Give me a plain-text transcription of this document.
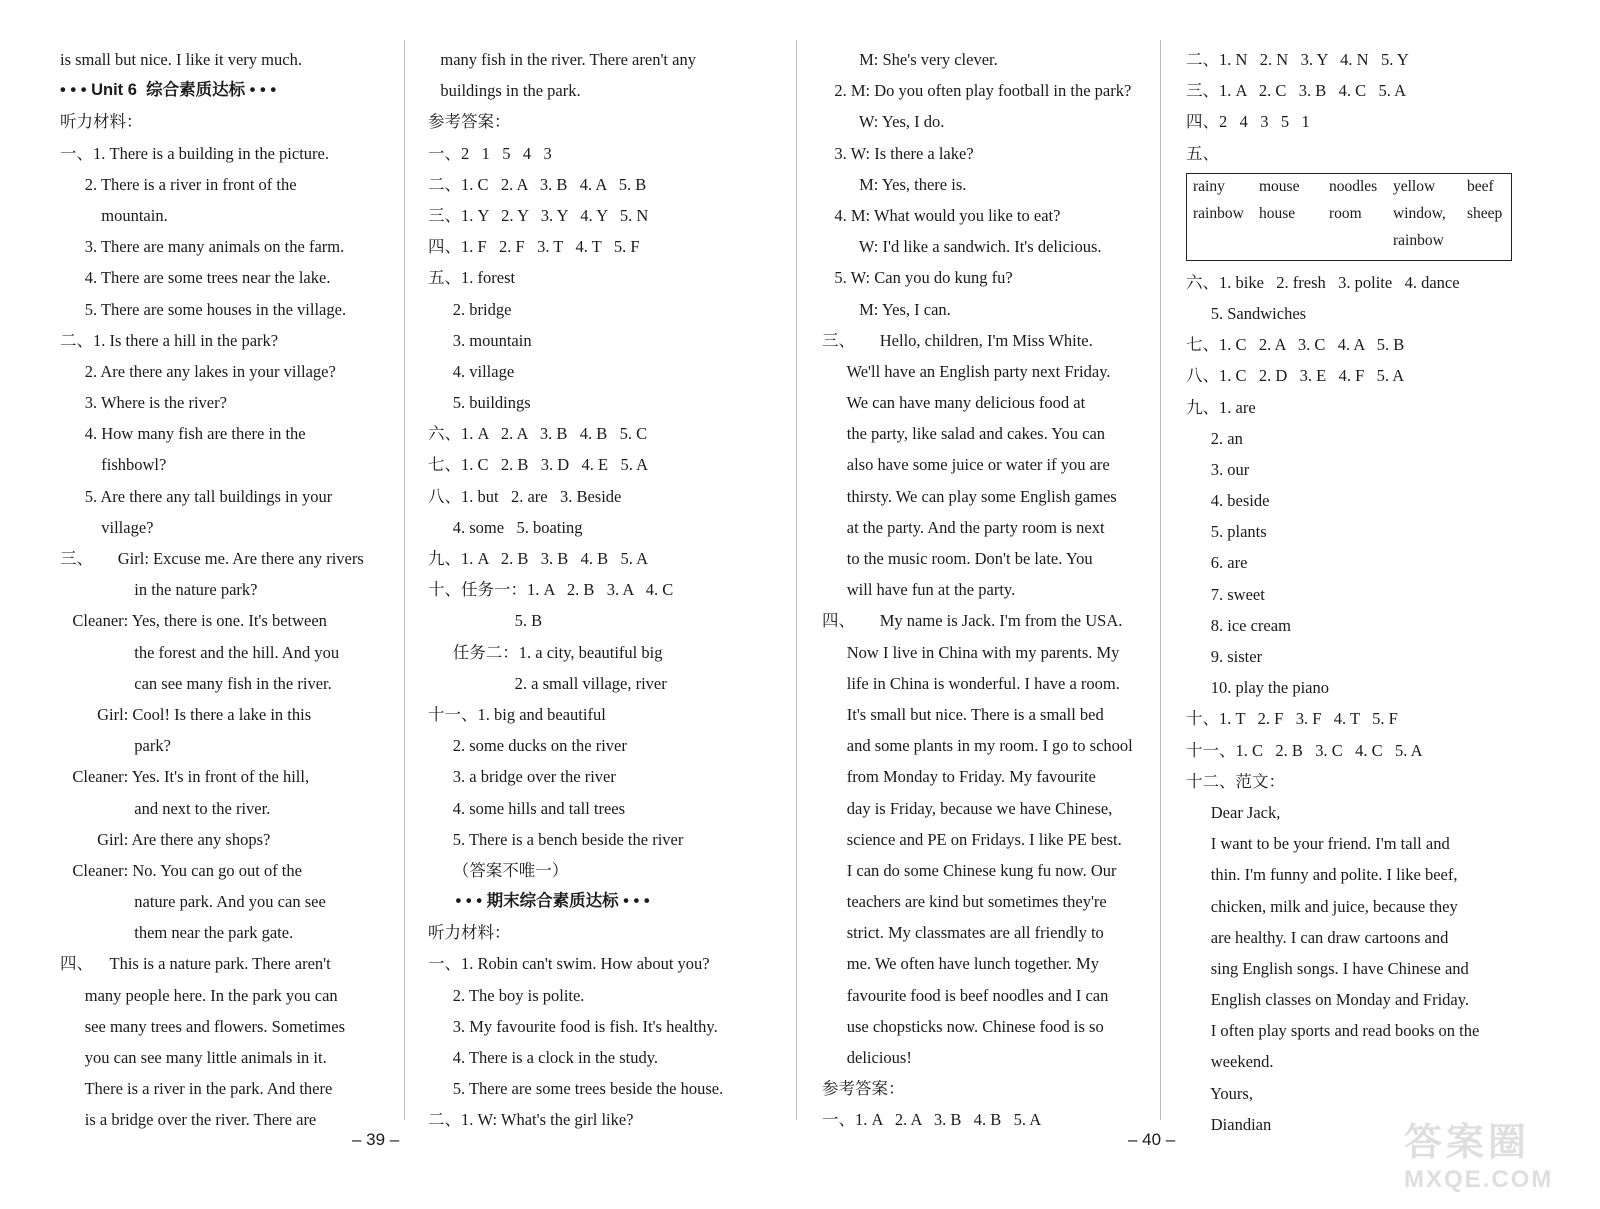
is small but nice. I like it very much.
• • • Unit 6  综合素质达标 • • •
听力材料：
一、1. There is a building in the picture.
2. There is a river in front of the
mountain.
3. There are many animals on the farm.
4. There are some trees near the lake.
5. There are some houses in the village.
二、1. Is there a hill in the park?
2. Are there any lakes in your village?
3. Where is the river?
4. How many fish are there in the
fishbowl?
5. Are there any tall buildings in your
village?
三、      Girl: Excuse me. Are there any rivers
in the nature park?
Cleaner: Yes, there is one. It's between
the forest and the hill. And you
can see many fish in the river.
Girl: Cool! Is there a lake in this
park?
Cleaner: Yes. It's in front of the hill,
and next to the river.
Girl: Are there any shops?
Cleaner: No. You can go out of the
nature park. And you can see
them near the park gate.
四、    This is a nature park. There aren't
many people here. In the park you can
see many trees and flowers. Sometimes
you can see many little animals in it.
There is a river in the park. And there
is a bridge over the river. There are
many fish in the river. There aren't any
buildings in the park.
参考答案：
一、2   1   5   4   3
二、1. C   2. A   3. B   4. A   5. B
三、1. Y   2. Y   3. Y   4. Y   5. N
四、1. F   2. F   3. T   4. T   5. F
五、1. forest
2. bridge
3. mountain
4. village
5. buildings
六、1. A   2. A   3. B   4. B   5. C
七、1. C   2. B   3. D   4. E   5. A
八、1. but   2. are   3. Beside
4. some   5. boating
九、1. A   2. B   3. B   4. B   5. A
十、任务一：1. A   2. B   3. A   4. C
5. B
任务二：1. a city, beautiful big
2. a small village, river
十一、1. big and beautiful
2. some ducks on the river
3. a bridge over the river
4. some hills and tall trees
5. There is a bench beside the river
（答案不唯一）
• • • 期末综合素质达标 • • •
听力材料：
一、1. Robin can't swim. How about you?
2. The boy is polite.
3. My favourite food is fish. It's healthy.
4. There is a clock in the study.
5. There are some trees beside the house.
二、1. W: What's the girl like?
M: She's very clever.
2. M: Do you often play football in the park?
W: Yes, I do.
3. W: Is there a lake?
M: Yes, there is.
4. M: What would you like to eat?
W: I'd like a sandwich. It's delicious.
5. W: Can you do kung fu?
M: Yes, I can.
三、      Hello, children, I'm Miss White.
We'll have an English party next Friday.
We can have many delicious food at
the party, like salad and cakes. You can
also have some juice or water if you are
thirsty. We can play some English games
at the party. And the party room is next
to the music room. Don't be late. You
will have fun at the party.
四、      My name is Jack. I'm from the USA.
Now I live in China with my parents. My
life in China is wonderful. I have a room.
It's small but nice. There is a small bed
and some plants in my room. I go to school
from Monday to Friday. My favourite
day is Friday, because we have Chinese,
science and PE on Fridays. I like PE best.
I can do some Chinese kung fu now. Our
teachers are kind but sometimes they're
strict. My classmates are all friendly to
me. We often have lunch together. My
favourite food is beef noodles and I can
use chopsticks now. Chinese food is so
delicious!
参考答案：
一、1. A   2. A   3. B   4. B   5. A
二、1. N   2. N   3. Y   4. N   5. Y
三、1. A   2. C   3. B   4. C   5. A
四、2   4   3   5   1
五、
rainy mouse noodles yellow beef
rainbow house room window, sheep
rainbow
六、1. bike   2. fresh   3. polite   4. dance
5. Sandwiches
七、1. C   2. A   3. C   4. A   5. B
八、1. C   2. D   3. E   4. F   5. A
九、1. are
2. an
3. our
4. beside
5. plants
6. are
7. sweet
8. ice cream
9. sister
10. play the piano
十、1. T   2. F   3. F   4. T   5. F
十一、1. C   2. B   3. C   4. C   5. A
十二、范文：
Dear Jack,
I want to be your friend. I'm tall and
thin. I'm funny and polite. I like beef,
chicken, milk and juice, because they
are healthy. I can draw cartoons and
sing English songs. I have Chinese and
English classes on Monday and Friday.
I often play sports and read books on the
weekend.
Yours,
Diandian
– 39 –	– 40 –	答案圈
MXQE.COM
